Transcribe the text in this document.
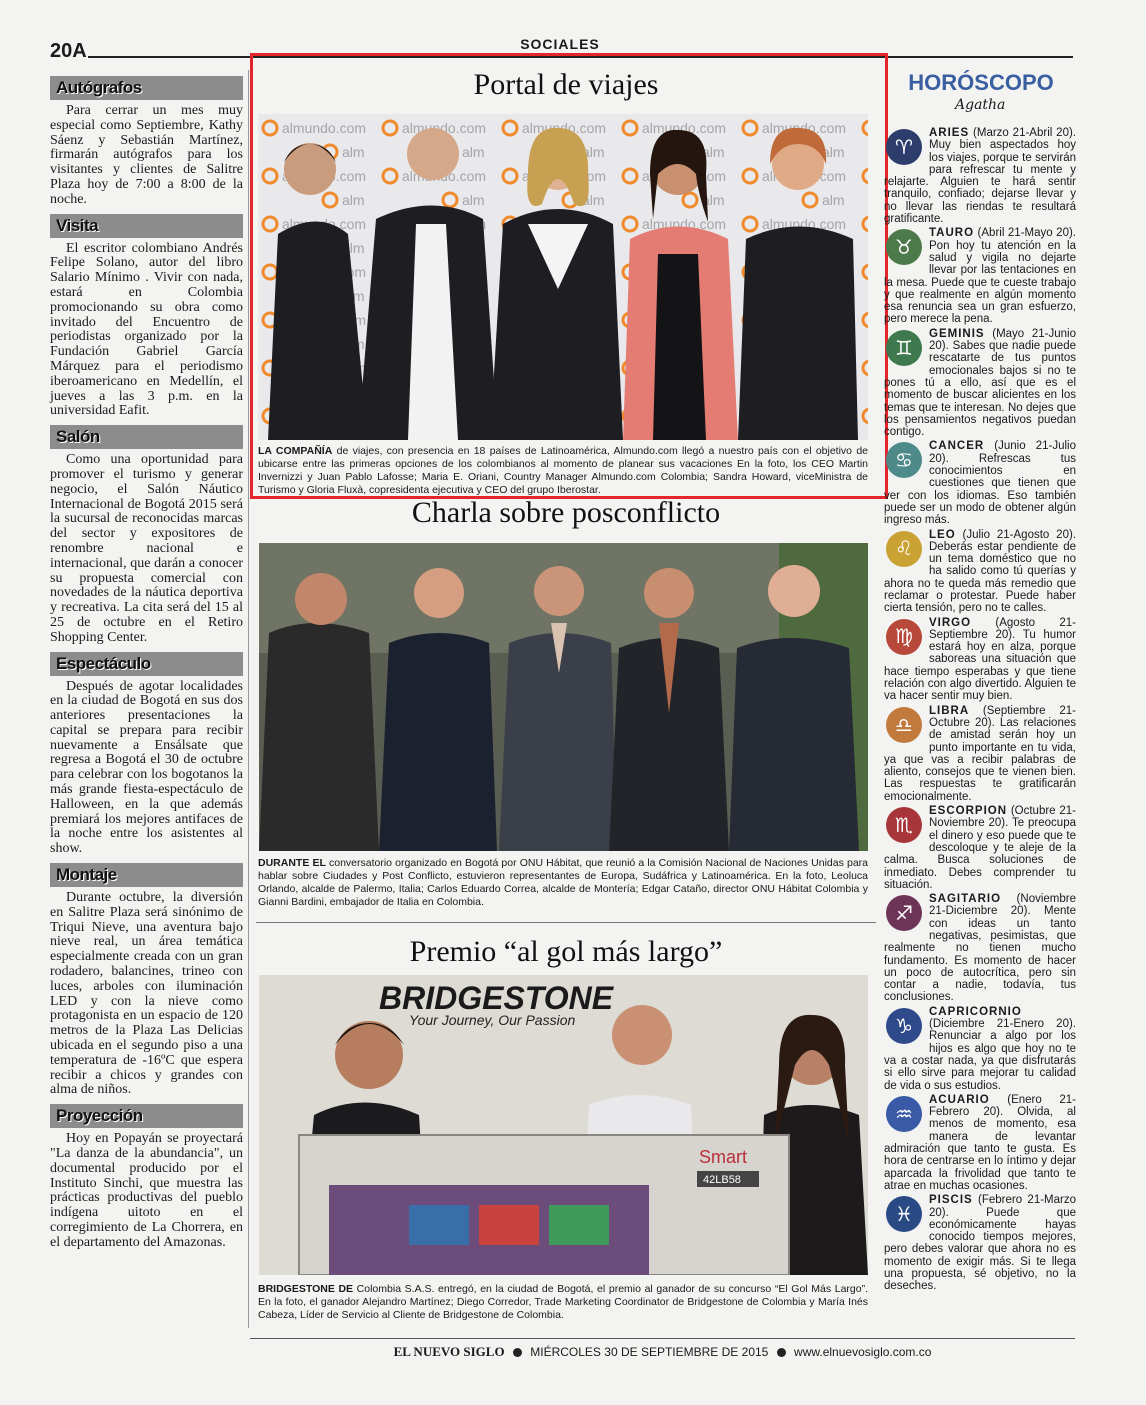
20A	SOCIALES
Autógrafos

Para cerrar un mes muy especial como Septiembre, Kathy Sáenz y Sebastián Martínez, firmarán autógrafos para los visitantes y clientes de Salitre Plaza hoy de 7:00 a 8:00 de la noche.

Visita

El escritor colombiano Andrés Felipe Solano, autor del libro Salario Mínimo . Vivir con nada, estará en Colombia promocionando su obra como invitado del Encuentro de periodistas organizado por la Fundación Gabriel García Márquez para el periodismo iberoamericano en Medellín, el jueves a las 3 p.m. en la universidad Eafit.

Salón

Como una oportunidad para promover el turismo y generar negocio, el Salón Náutico Internacional de Bogotá 2015 será la sucursal de reconocidas marcas del sector y expositores de renombre nacional e internacional, que darán a conocer su propuesta comercial con novedades de la náutica deportiva y recreativa. La cita será del 15 al 25 de octubre en el Retiro Shopping Center.

Espectáculo

Después de agotar localidades en la ciudad de Bogotá en sus dos anteriores presentaciones la capital se prepara para recibir nuevamente a Ensálsate que regresa a Bogotá el 30 de octubre para celebrar con los bogotanos la más grande fiesta-espectáculo de Halloween, en la que además premiará los mejores antifaces de la noche entre los asistentes al show.

Montaje

Durante octubre, la diversión en Salitre Plaza será sinónimo de Triqui Nieve, una aventura bajo nieve real, un área temática especialmente creada con un gran rodadero, balancines, trineo con luces, arboles con iluminación LED y con la nieve como protagonista en un espacio de 120 metros de la Plaza Las Delicias ubicada en el segundo piso a una temperatura de -16ºC que espera recibir a chicos y grandes con alma de niños.

Proyección

Hoy en Popayán se proyectará "La danza de la abundancia", un documental producido por el Instituto Sinchi, que muestra las prácticas productivas del pueblo indígena uitoto en el corregimiento de La Chorrera, en el departamento del Amazonas.

Portal de viajes
LA COMPAÑÍA de viajes, con presencia en 18 países de Latinoamérica, Almundo.com llegó a nuestro país con el objetivo de ubicarse entre las primeras opciones de los colombianos al momento de planear sus vacaciones En la foto, los CEO Martin Invernizzi y Juan Pablo Lafosse; Maria E. Oriani, Country Manager Almundo.com Colombia; Sandra Howard, viceMinistra de Turismo y Gloria Fluxà, copresidenta ejecutiva y CEO del grupo Iberostar.
Charla sobre posconflicto
DURANTE EL conversatorio organizado en Bogotá por ONU Hábitat, que reunió a la Comisión Nacional de Naciones Unidas para hablar sobre Ciudades y Post Conflicto, estuvieron representantes de Europa, Sudáfrica y Latinoamérica. En la foto, Leoluca Orlando, alcalde de Palermo, Italia; Carlos Eduardo Correa, alcalde de Montería; Edgar Cataño, director ONU Hábitat Colombia y Gianni Bardini, embajador de Italia en Colombia.
Premio “al gol más largo”
BRIDGESTONE
Your Journey, Our Passion
Smart
42LB58
BRIDGESTONE DE Colombia S.A.S. entregó, en la ciudad de Bogotá, el premio al ganador de su concurso “El Gol Más Largo”. En la foto, el ganador Alejandro Martínez; Diego Corredor, Trade Marketing Coordinator de Bridgestone de Colombia y María Inés Cabeza, Líder de Servicio al Cliente de Bridgestone de Colombia.
HORÓSCOPO
Agatha
♈
ARIES (Marzo 21-Abril 20). Muy bien aspectados hoy los viajes, porque te servirán para refrescar tu mente y relajarte. Alguien te hará sentir tranquilo, confiado; dejarse llevar y no llevar las riendas te resultará gratificante.
♉
TAURO (Abril 21-Mayo 20). Pon hoy tu atención en la salud y vigila no dejarte llevar por las tentaciones en la mesa. Puede que te cueste trabajo y que realmente en algún momento esa renuncia sea un gran esfuerzo, pero merece la pena.
♊
GEMINIS (Mayo 21-Junio 20). Sabes que nadie puede rescatarte de tus puntos emocionales bajos si no te pones tú a ello, así que es el momento de buscar alicientes en los temas que te interesan. No dejes que los pensamientos negativos puedan contigo.
♋
CANCER (Junio 21-Julio 20). Refrescas tus conocimientos en cuestiones que tienen que ver con los idiomas. Eso también puede ser un modo de obtener algún ingreso más.
♌
LEO (Julio 21-Agosto 20). Deberás estar pendiente de un tema doméstico que no ha salido como tú querías y ahora no te queda más remedio que reclamar o protestar. Puede haber cierta tensión, pero no te calles.
♍
VIRGO (Agosto 21-Septiembre 20). Tu humor estará hoy en alza, porque saboreas una situación que hace tiempo esperabas y que tiene relación con algo divertido. Alguien te va hacer sentir muy bien.
♎
LIBRA (Septiembre 21-Octubre 20). Las relaciones de amistad serán hoy un punto importante en tu vida, ya que vas a recibir palabras de aliento, consejos que te vienen bien. Las respuestas te gratificarán emocionalmente.
♏
ESCORPION (Octubre 21-Noviembre 20). Te preocupa el dinero y eso puede que te descoloque y te aleje de la calma. Busca soluciones de inmediato. Debes comprender tu situación.
♐
SAGITARIO (Noviembre 21-Diciembre 20). Mente con ideas un tanto negativas, pesimistas, que realmente no tienen mucho fundamento. Es momento de hacer un poco de autocrítica, pero sin contar a nadie, todavía, tus conclusiones.
♑
CAPRICORNIO (Diciembre 21-Enero 20). Renunciar a algo por los hijos es algo que hoy no te va a costar nada, ya que disfrutarás si ello sirve para mejorar tu calidad de vida o sus estudios.
♒
ACUARIO (Enero 21-Febrero 20). Olvida, al menos de momento, esa manera de levantar admiración que tanto te gusta. Es hora de centrarse en lo íntimo y dejar aparcada la frivolidad que tanto te atrae en muchas ocasiones.
♓
PISCIS (Febrero 21-Marzo 20). Puede que económicamente hayas conocido tiempos mejores, pero debes valorar que ahora no es momento de exigir más. Si te llega una propuesta, sé objetivo, no la deseches.
EL NUEVO SIGLO MIÉRCOLES 30 DE SEPTIEMBRE DE 2015 www.elnuevosiglo.com.co
